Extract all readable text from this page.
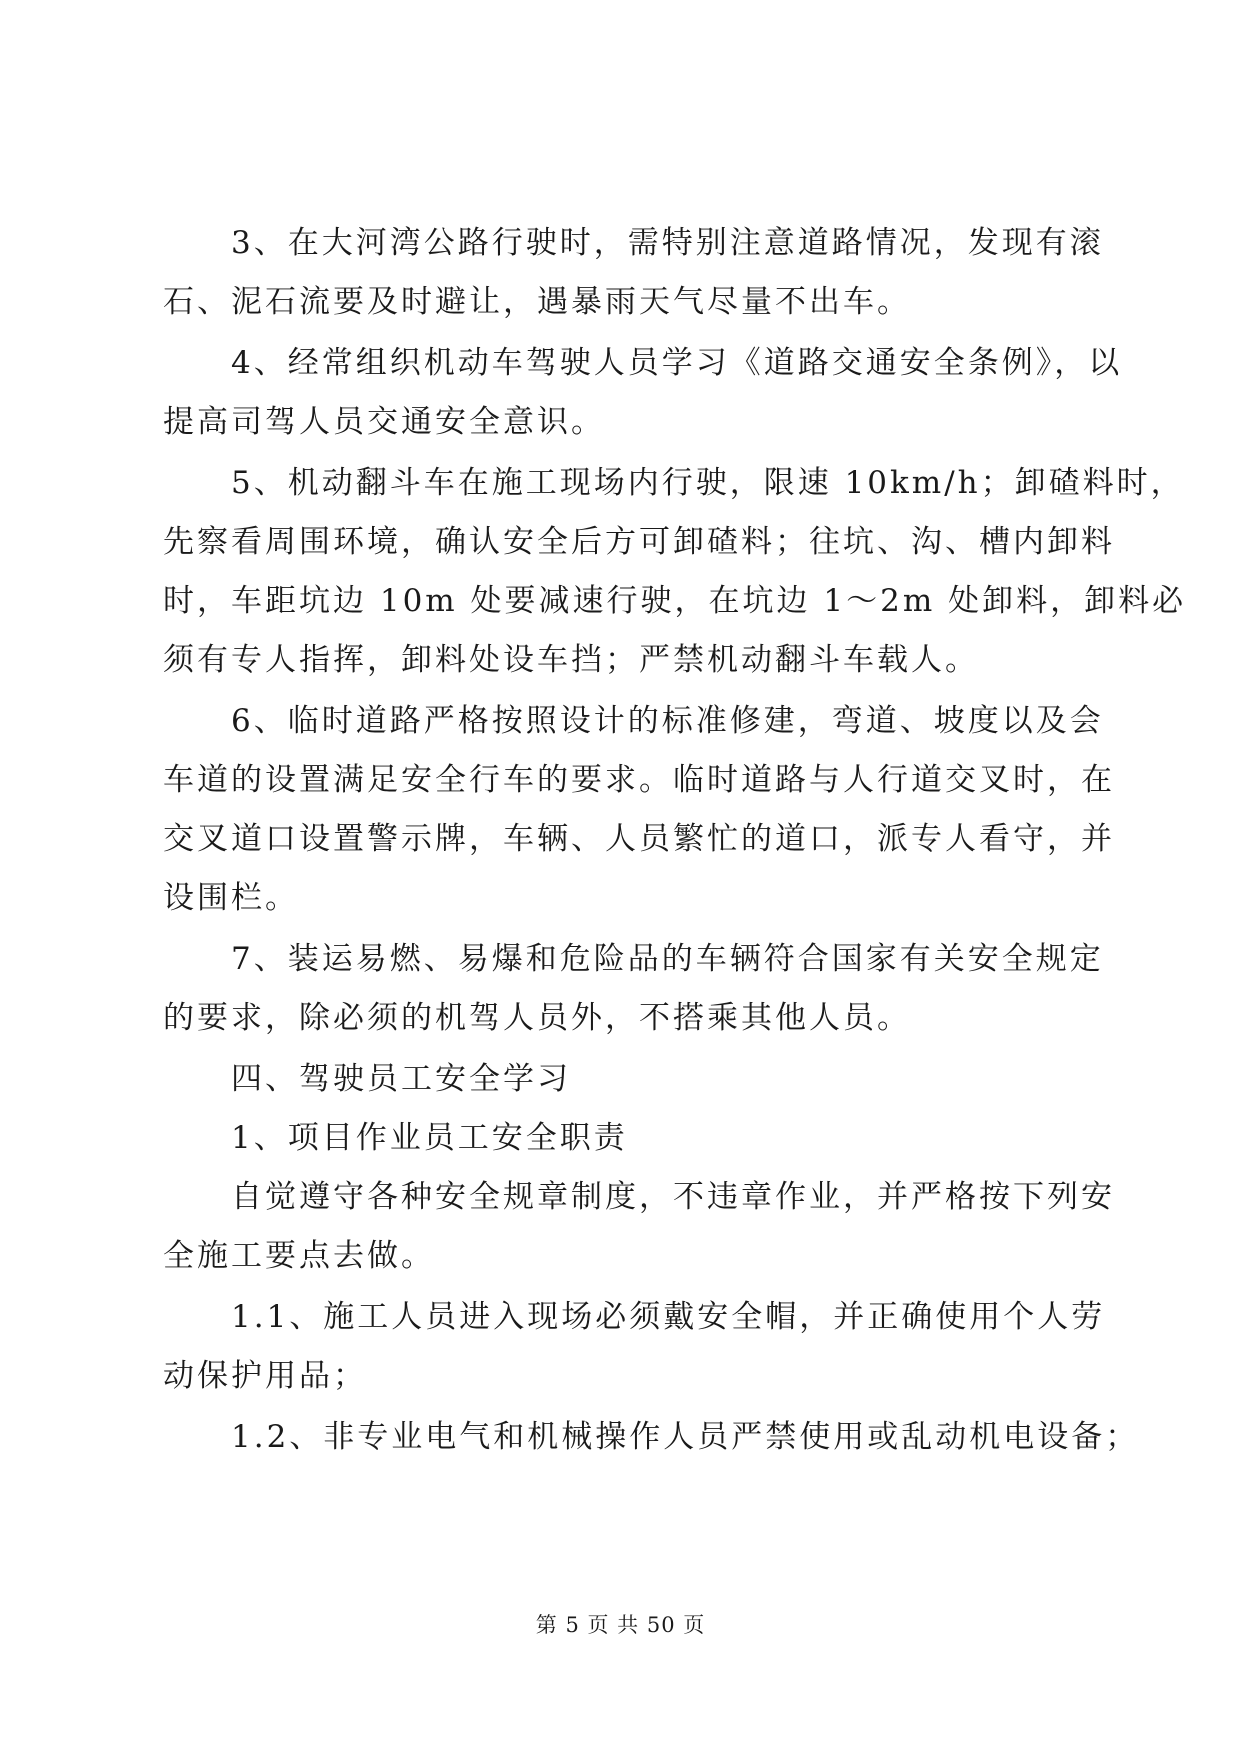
　　3、在大河湾公路行驶时，需特别注意道路情况，发现有滚
石、泥石流要及时避让，遇暴雨天气尽量不出车。
　　4、经常组织机动车驾驶人员学习《道路交通安全条例》，以
提高司驾人员交通安全意识。
　　5、机动翻斗车在施工现场内行驶，限速 10km/h；卸碴料时，
先察看周围环境，确认安全后方可卸碴料；往坑、沟、槽内卸料
时，车距坑边 10m 处要减速行驶，在坑边 1～2m 处卸料，卸料必
须有专人指挥，卸料处设车挡；严禁机动翻斗车载人。
　　6、临时道路严格按照设计的标准修建，弯道、坡度以及会
车道的设置满足安全行车的要求。临时道路与人行道交叉时，在
交叉道口设置警示牌，车辆、人员繁忙的道口，派专人看守，并
设围栏。
　　7、装运易燃、易爆和危险品的车辆符合国家有关安全规定
的要求，除必须的机驾人员外，不搭乘其他人员。
　　四、驾驶员工安全学习
　　1、项目作业员工安全职责
　　自觉遵守各种安全规章制度，不违章作业，并严格按下列安
全施工要点去做。
　　1.1、施工人员进入现场必须戴安全帽，并正确使用个人劳
动保护用品；
　　1.2、非专业电气和机械操作人员严禁使用或乱动机电设备；
第 5 页 共 50 页
